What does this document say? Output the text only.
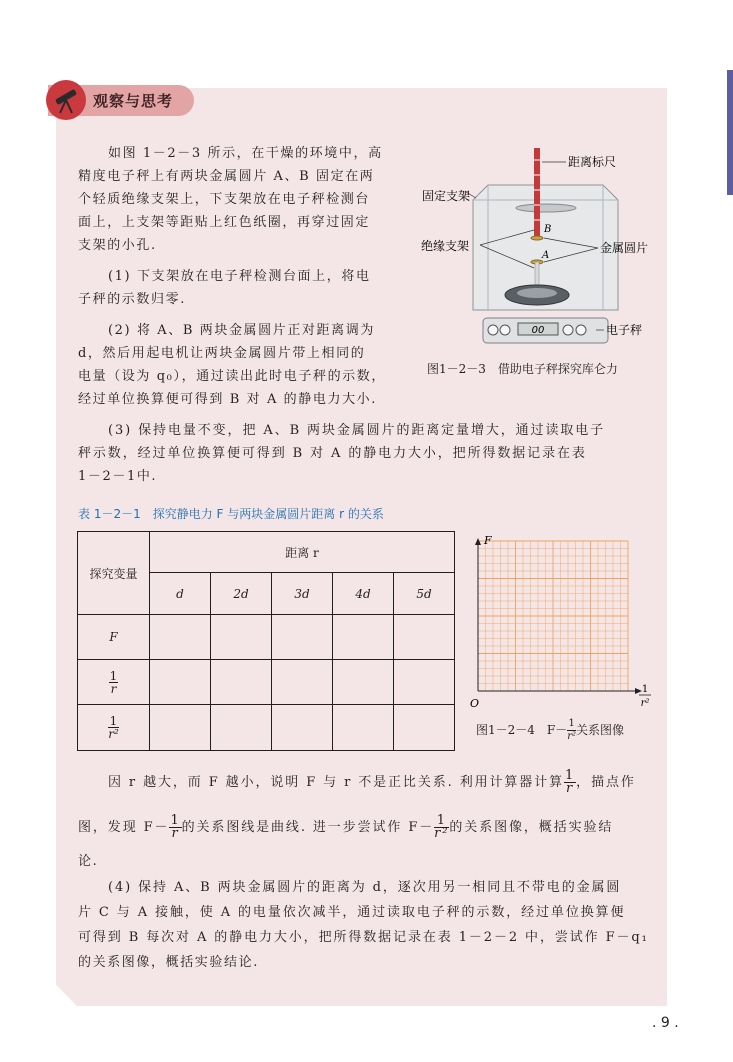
观察与思考
如图 1－2－3 所示，在干燥的环境中，高
精度电子秤上有两块金属圆片 A、B 固定在两
个轻质绝缘支架上，下支架放在电子秤检测台
面上，上支架等距贴上红色纸圈，再穿过固定
支架的小孔.
(1) 下支架放在电子秤检测台面上，将电
子秤的示数归零.
(2) 将 A、B 两块金属圆片正对距离调为
d，然后用起电机让两块金属圆片带上相同的
电量（设为 q₀），通过读出此时电子秤的示数，
经过单位换算便可得到 B 对 A 的静电力大小.
(3) 保持电量不变，把 A、B 两块金属圆片的距离定量增大，通过读取电子
秤示数，经过单位换算便可得到 B 对 A 的静电力大小，把所得数据记录在表
1－2－1中.
00
B
A
距离标尺
固定支架
绝缘支架	金属圆片
电子秤
图1－2－3　借助电子秤探究库仑力
表 1－2－1　探究静电力 F 与两块金属圆片距离 r 的关系
探究变量	距离 r				
	d	2d	3d	4d	5d
F					

$\frac{1}{r}$

$\frac{1}{\text{r²}}$

F
O
1
r²
图1－2－4　$F- \frac{1}{\text{r²}}$ 关系图像
因 r 越大，而 F 越小，说明 F 与 r 不是正比关系. 利用计算器计算 $\frac{1}{r}$ ，描点作
图，发现 $F- \frac{1}{r}$ 的关系图线是曲线. 进一步尝试作 $F- \frac{1}{\text{r²}}$ 的关系图像，概括实验结
论.
(4) 保持 A、B 两块金属圆片的距离为 d，逐次用另一相同且不带电的金属圆
片 C 与 A 接触，使 A 的电量依次减半，通过读取电子秤的示数，经过单位换算便
可得到 B 每次对 A 的静电力大小，把所得数据记录在表 1－2－2 中，尝试作 F－q₁
的关系图像，概括实验结论.
. 9 .
